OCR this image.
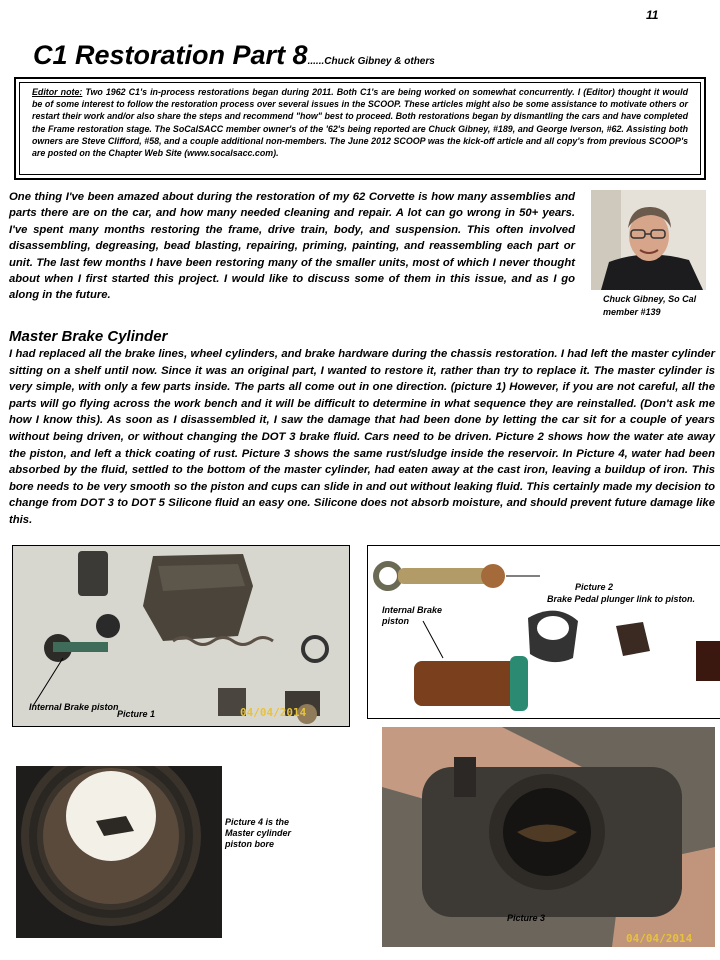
11
C1 Restoration Part 8......Chuck Gibney & others
Editor note: Two 1962 C1's in-process restorations began during 2011. Both C1's are being worked on somewhat concurrently. I (Editor) thought it would be of some interest to follow the restoration process over several issues in the SCOOP. These articles might also be some assistance to motivate others or restart their work and/or also share the steps and recommend "how" best to proceed. Both restorations began by dismantling the cars and have completed the Frame restoration stage. The SoCalSACC member owner's of the '62's being reported are Chuck Gibney, #189, and George Iverson, #62. Assisting both owners are Steve Clifford, #58, and a couple additional non-members. The June 2012 SCOOP was the kick-off article and all copy's from previous SCOOP's are posted on the Chapter Web Site (www.socalsacc.com).
One thing I've been amazed about during the restoration of my 62 Corvette is how many assemblies and parts there are on the car, and how many needed cleaning and repair. A lot can go wrong in 50+ years. I've spent many months restoring the frame, drive train, body, and suspension. This often involved disassembling, degreasing, bead blasting, repairing, priming, painting, and reassembling each part or unit. The last few months I have been restoring many of the smaller units, most of which I never thought about when I first started this project. I would like to discuss some of them in this issue, and as I go along in the future.	Chuck Gibney, So Cal member #139
Master Brake Cylinder
I had replaced all the brake lines, wheel cylinders, and brake hardware during the chassis restoration. I had left the master cylinder sitting on a shelf until now. Since it was an original part, I wanted to restore it, rather than try to replace it. The master cylinder is very simple, with only a few parts inside. The parts all come out in one direction. (picture 1) However, if you are not careful, all the parts will go flying across the work bench and it will be difficult to determine in what sequence they are reinstalled. (Don't ask me how I know this). As soon as I disassembled it, I saw the damage that had been done by letting the car sit for a couple of years without being driven, or without changing the DOT 3 brake fluid. Cars need to be driven. Picture 2 shows how the water ate away the piston, and left a thick coating of rust. Picture 3 shows the same rust/sludge inside the reservoir. In Picture 4, water had been absorbed by the fluid, settled to the bottom of the master cylinder, had eaten away at the cast iron, leaving a buildup of iron. This bore needs to be very smooth so the piston and cups can slide in and out without leaking fluid. This certainly made my decision to change from DOT 3 to DOT 5 Silicone fluid an easy one. Silicone does not absorb moisture, and should prevent future damage like this.
Internal Brake piston
Picture 1	04/04/2014
Picture 2

Brake Pedal plunger link to piston.
Internal Brake piston
Picture 4 is the Master cylinder piston bore
Picture 3
04/04/2014
